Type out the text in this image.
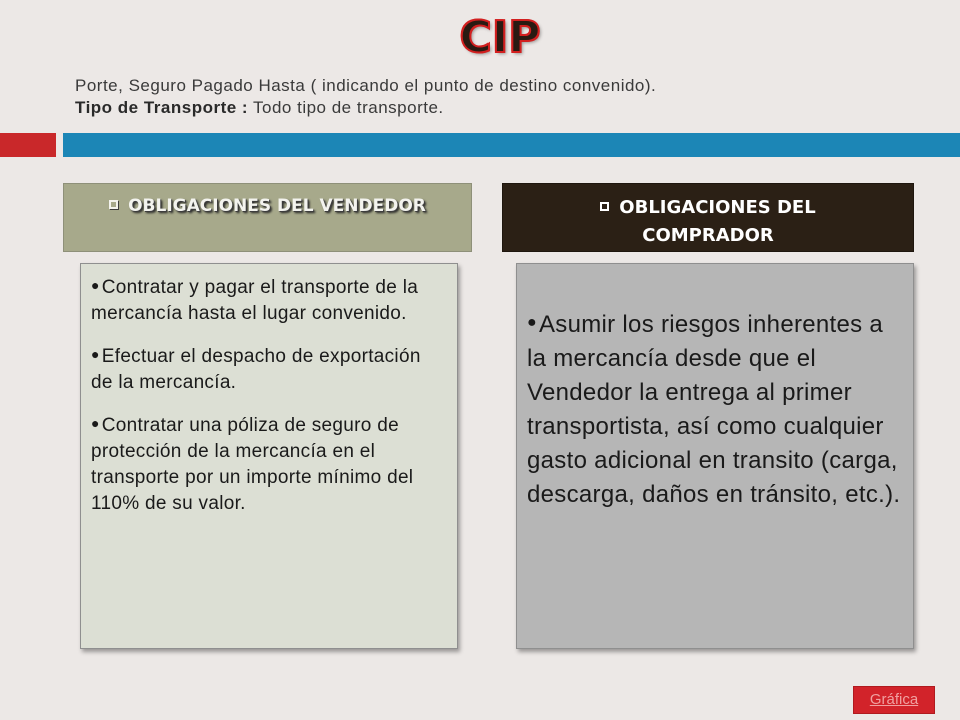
CIP
Porte, Seguro Pagado Hasta ( indicando el punto de destino convenido).
Tipo de Transporte : Todo tipo de transporte.
OBLIGACIONES DEL VENDEDOR	OBLIGACIONES DEL
COMPRADOR

● Contratar y pagar el transporte de la mercancía hasta el lugar convenido.

● Efectuar el despacho de exportación de la mercancía.

● Contratar una póliza de seguro de protección de la mercancía en el transporte por un importe mínimo del 110% de su valor.

●Asumir los riesgos inherentes a la mercancía desde que el Vendedor la entrega al primer transportista, así como cualquier gasto adicional en transito (carga, descarga, daños en tránsito, etc.).

Gráfica
